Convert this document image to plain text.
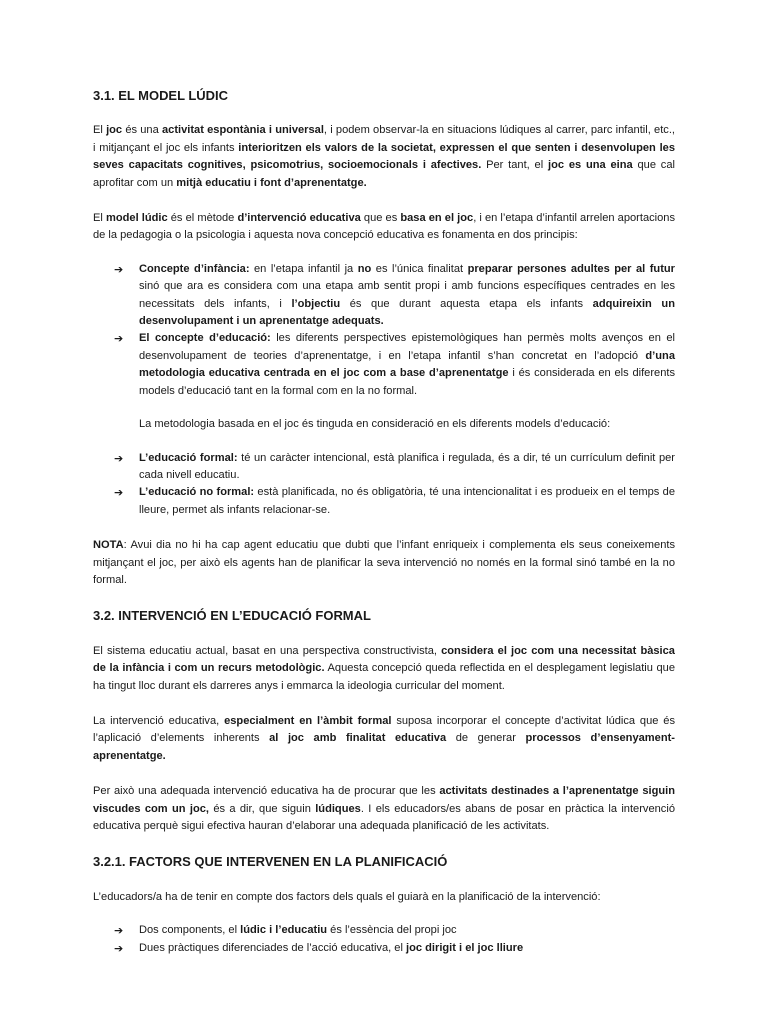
3.1. EL MODEL LÚDIC

El joc és una activitat espontània i universal, i podem observar-la en situacions lúdiques al carrer, parc infantil, etc., i mitjançant el joc els infants interioritzen els valors de la societat, expressen el que senten i desenvolupen les seves capacitats cognitives, psicomotrius, socioemocionals i afectives. Per tant, el joc es una eina que cal aprofitar com un mitjà educatiu i font d’aprenentatge.

El model lúdic és el mètode d’intervenció educativa que es basa en el joc, i en l’etapa d’infantil arrelen aportacions de la pedagogia o la psicologia i aquesta nova concepció educativa es fonamenta en dos principis:

➔ Concepte d’infància: en l’etapa infantil ja no es l’única finalitat preparar persones adultes per al futur sinó que ara es considera com una etapa amb sentit propi i amb funcions específiques centrades en les necessitats dels infants, i l’objectiu és que durant aquesta etapa els infants adquireixin un desenvolupament i un aprenentatge adequats.
➔ El concepte d’educació: les diferents perspectives epistemològiques han permès molts avenços en el desenvolupament de teories d’aprenentatge, i en l’etapa infantil s’han concretat en l’adopció d’una metodologia educativa centrada en el joc com a base d’aprenentatge i és considerada en els diferents models d’educació tant en la formal com en la no formal.

La metodologia basada en el joc és tinguda en consideració en els diferents models d’educació:

➔ L’educació formal: té un caràcter intencional, està planifica i regulada, és a dir, té un currículum definit per cada nivell educatiu.
➔ L’educació no formal: està planificada, no és obligatòria, té una intencionalitat i es produeix en el temps de lleure, permet als infants relacionar-se.

NOTA: Avui dia no hi ha cap agent educatiu que dubti que l’infant enriqueix i complementa els seus coneixements mitjançant el joc, per això els agents han de planificar la seva intervenció no només en la formal sinó també en la no formal.

3.2. INTERVENCIÓ EN L’EDUCACIÓ FORMAL

El sistema educatiu actual, basat en una perspectiva constructivista, considera el joc com una necessitat bàsica de la infància i com un recurs metodològic. Aquesta concepció queda reflectida en el desplegament legislatiu que ha tingut lloc durant els darreres anys i emmarca la ideologia curricular del moment.

La intervenció educativa, especialment en l’àmbit formal suposa incorporar el concepte d’activitat lúdica que és l’aplicació d’elements inherents al joc amb finalitat educativa de generar processos d’ensenyament-aprenentatge.

Per això una adequada intervenció educativa ha de procurar que les activitats destinades a l’aprenentatge siguin viscudes com un joc, és a dir, que siguin lúdiques. I els educadors/es abans de posar en pràctica la intervenció educativa perquè sigui efectiva hauran d’elaborar una adequada planificació de les activitats.

3.2.1. FACTORS QUE INTERVENEN EN LA PLANIFICACIÓ

L’educadors/a ha de tenir en compte dos factors dels quals el guiarà en la planificació de la intervenció:

➔ Dos components, el lúdic i l’educatiu és l’essència del propi joc
➔ Dues pràctiques diferenciades de l’acció educativa, el joc dirigit i el joc lliure
